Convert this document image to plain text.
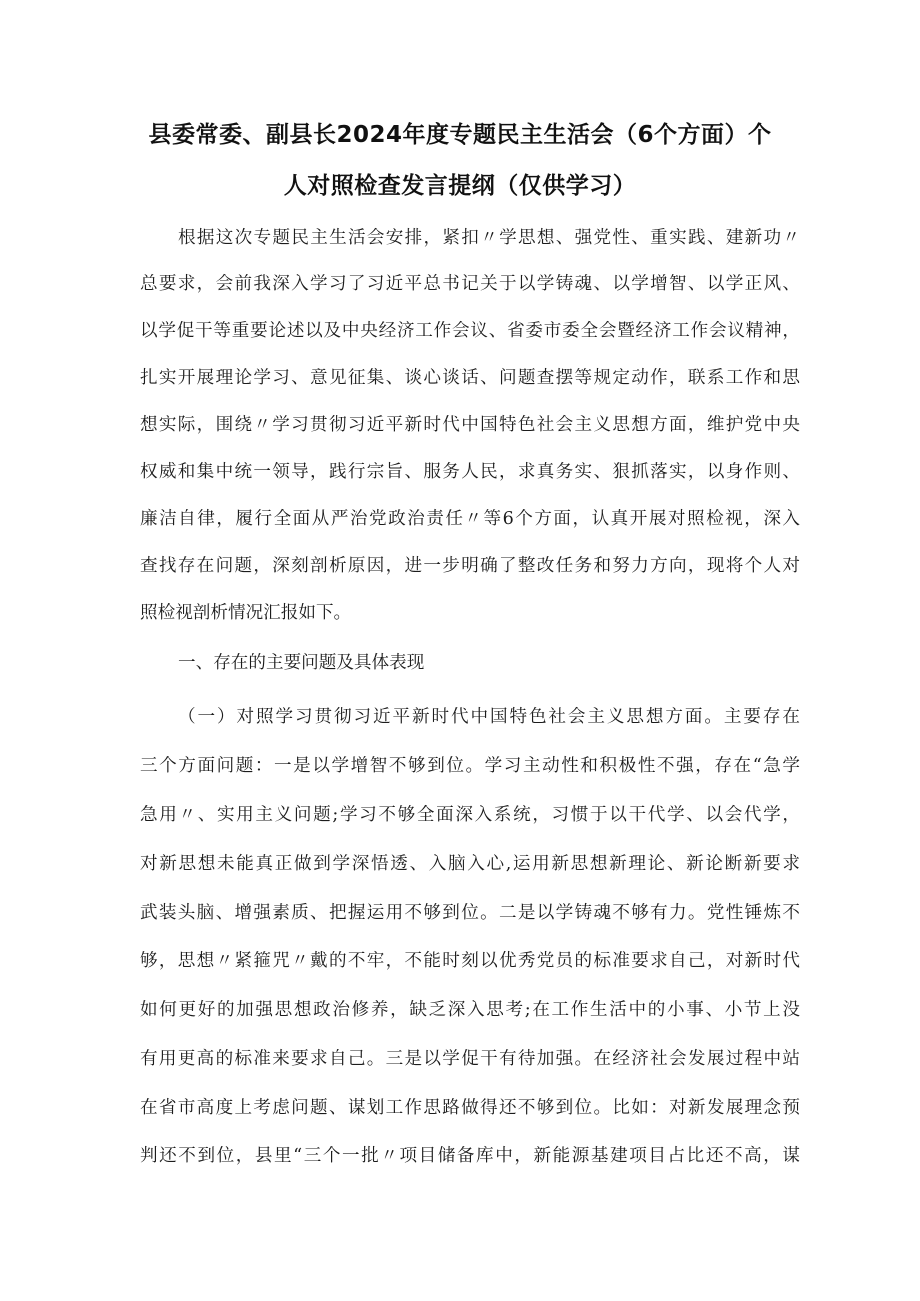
县委常委、副县长2024年度专题民主生活会（6个方面）个
人对照检查发言提纲（仅供学习）
根据这次专题民主生活会安排，紧扣〃学思想、强党性、重实践、建新功〃
总要求，会前我深入学习了习近平总书记关于以学铸魂、以学增智、以学正风、
以学促干等重要论述以及中央经济工作会议、省委市委全会暨经济工作会议精神，
扎实开展理论学习、意见征集、谈心谈话、问题查摆等规定动作，联系工作和思
想实际，围绕〃学习贯彻习近平新时代中国特色社会主义思想方面，维护党中央
权威和集中统一领导，践行宗旨、服务人民，求真务实、狠抓落实，以身作则、
廉洁自律，履行全面从严治党政治责任〃等6个方面，认真开展对照检视，深入
查找存在问题，深刻剖析原因，进一步明确了整改任务和努力方向，现将个人对
照检视剖析情况汇报如下。
一、存在的主要问题及具体表现
（一）对照学习贯彻习近平新时代中国特色社会主义思想方面。主要存在
三个方面问题：一是以学增智不够到位。学习主动性和积极性不强，存在“急学
急用〃、实用主义问题;学习不够全面深入系统，习惯于以干代学、以会代学，
对新思想未能真正做到学深悟透、入脑入心,运用新思想新理论、新论断新要求
武装头脑、增强素质、把握运用不够到位。二是以学铸魂不够有力。党性锤炼不
够，思想〃紧箍咒〃戴的不牢，不能时刻以优秀党员的标准要求自己，对新时代
如何更好的加强思想政治修养，缺乏深入思考;在工作生活中的小事、小节上没
有用更高的标准来要求自己。三是以学促干有待加强。在经济社会发展过程中站
在省市高度上考虑问题、谋划工作思路做得还不够到位。比如：对新发展理念预
判还不到位，县里“三个一批〃项目储备库中，新能源基建项目占比还不高，谋
